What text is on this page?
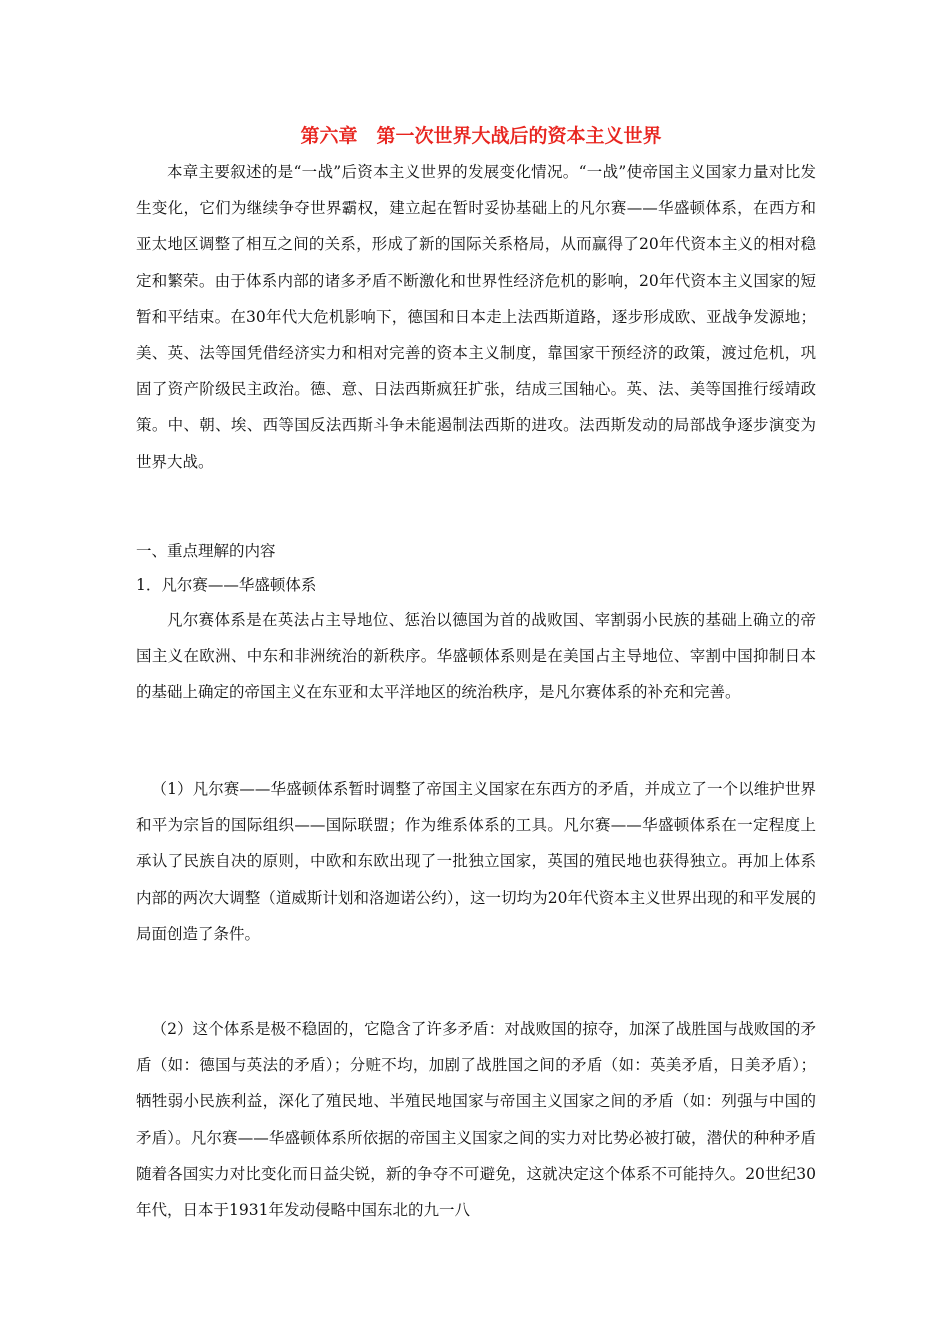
第六章　第一次世界大战后的资本主义世界

本章主要叙述的是“一战”后资本主义世界的发展变化情况。“一战”使帝国主义国家力量对比发生变化，它们为继续争夺世界霸权，建立起在暂时妥协基础上的凡尔赛——华盛顿体系，在西方和亚太地区调整了相互之间的关系，形成了新的国际关系格局，从而赢得了20年代资本主义的相对稳定和繁荣。由于体系内部的诸多矛盾不断激化和世界性经济危机的影响，20年代资本主义国家的短暂和平结束。在30年代大危机影响下，德国和日本走上法西斯道路，逐步形成欧、亚战争发源地；美、英、法等国凭借经济实力和相对完善的资本主义制度，靠国家干预经济的政策，渡过危机，巩固了资产阶级民主政治。德、意、日法西斯疯狂扩张，结成三国轴心。英、法、美等国推行绥靖政策。中、朝、埃、西等国反法西斯斗争未能遏制法西斯的进攻。法西斯发动的局部战争逐步演变为世界大战。

一、重点理解的内容

1．凡尔赛——华盛顿体系

凡尔赛体系是在英法占主导地位、惩治以德国为首的战败国、宰割弱小民族的基础上确立的帝国主义在欧洲、中东和非洲统治的新秩序。华盛顿体系则是在美国占主导地位、宰割中国抑制日本的基础上确定的帝国主义在东亚和太平洋地区的统治秩序，是凡尔赛体系的补充和完善。

（1）凡尔赛——华盛顿体系暂时调整了帝国主义国家在东西方的矛盾，并成立了一个以维护世界和平为宗旨的国际组织——国际联盟；作为维系体系的工具。凡尔赛——华盛顿体系在一定程度上承认了民族自决的原则，中欧和东欧出现了一批独立国家，英国的殖民地也获得独立。再加上体系内部的两次大调整（道威斯计划和洛迦诺公约），这一切均为20年代资本主义世界出现的和平发展的局面创造了条件。

（2）这个体系是极不稳固的，它隐含了许多矛盾：对战败国的掠夺，加深了战胜国与战败国的矛盾（如：德国与英法的矛盾）；分赃不均，加剧了战胜国之间的矛盾（如：英美矛盾，日美矛盾）；牺牲弱小民族利益，深化了殖民地、半殖民地国家与帝国主义国家之间的矛盾（如：列强与中国的矛盾）。凡尔赛——华盛顿体系所依据的帝国主义国家之间的实力对比势必被打破，潜伏的种种矛盾随着各国实力对比变化而日益尖锐，新的争夺不可避免，这就决定这个体系不可能持久。20世纪30年代，日本于1931年发动侵略中国东北的九一八
